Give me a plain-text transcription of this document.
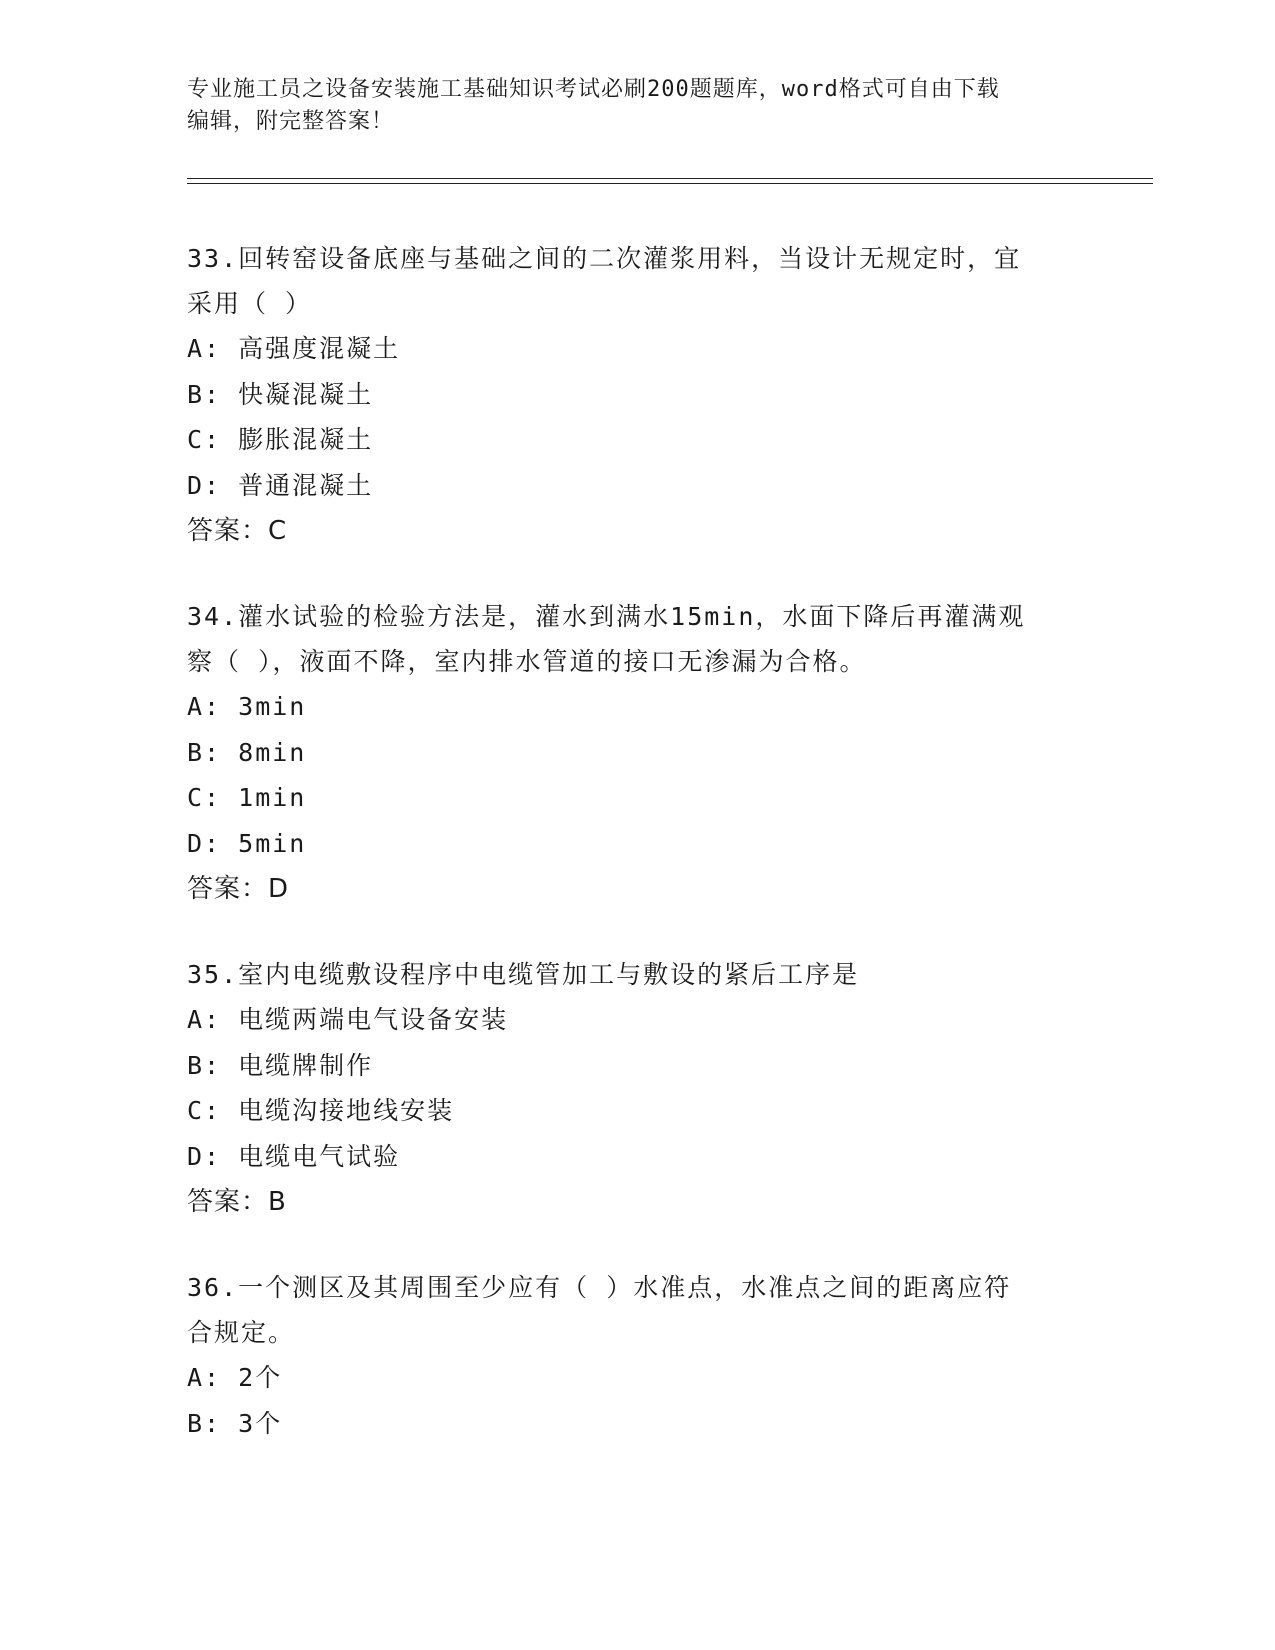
专业施工员之设备安装施工基础知识考试必刷200题题库，word格式可自由下载
编辑，附完整答案！
33.回转窑设备底座与基础之间的二次灌浆用料，当设计无规定时，宜
采用（ ）
A: 高强度混凝土
B: 快凝混凝土
C: 膨胀混凝土
D: 普通混凝土
答案：C
34.灌水试验的检验方法是，灌水到满水15min，水面下降后再灌满观
察（ ），液面不降，室内排水管道的接口无渗漏为合格。
A: 3min
B: 8min
C: 1min
D: 5min
答案：D
35.室内电缆敷设程序中电缆管加工与敷设的紧后工序是
A: 电缆两端电气设备安装
B: 电缆牌制作
C: 电缆沟接地线安装
D: 电缆电气试验
答案：B
36.一个测区及其周围至少应有（ ）水准点，水准点之间的距离应符
合规定。
A: 2个
B: 3个
